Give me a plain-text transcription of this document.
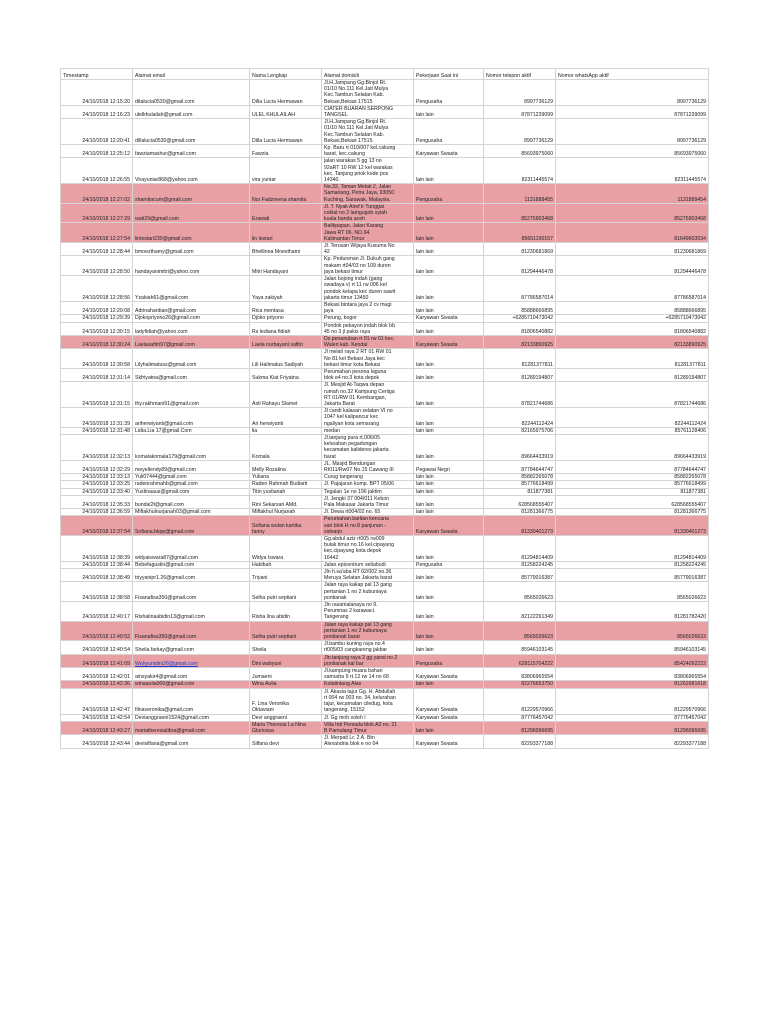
Timestamp	Alamat email	Nama Lengkap	Alamat domisili	Pekerjaan Saat ini	Nomor telepon aktif	Nomor whatsApp aktif
24/10/2018 12:15:20	ditalucia0530@gmail.com	Dilla Lucia Hermawan	Jl.H.Jampang Gg.Binjol Rt.
01/10 No.111 Kel.Jati Mulya
Kec.Tambun Selatan Kab.
Bekasi,Bekasi 17515	Pengusaha	8997736129	8997736129
24/10/2018 12:16:23	ulelkhulailah@gmail.com	ULEL KHULAILAH	CIATER BUARAN SERPONG
TANGSEL	lain lain	87871239099	87871239099
24/10/2018 12:20:41	dillalucia0530@gmail.com	Dilla Lucia Hermawan	Jl.H.Jampang Gg.Binjol Rt.
01/10 No.111 Kel.Jati Mulya
Kec.Tambun Selatan Kab.
Bekasi,Bekasi 17515	Pengusaha	8997736129	8997736129
24/10/2018 12:25:12	fawziamashur@gmail.com	Fawzia	Kp. Baru rt 010/007 kel.cakung
barat, kec.cakung	Karyawan Swasta	85693975060	85693975060
24/10/2018 12:26:55	Virayuniar868@yahoo.com	vira yuniar	jalan warakas 5 gg 13 no
92aRT 10 RW 12 kel warakas
kec. Tanjung priok kode pos
14340.	lain lain	82311445574	82311445574
24/10/2018 12:27:02	sharnilacum@gmail.com	Nur Fadzreena sharnila	No.32, Taman Melati 2, Jalan
Samariang, Petra Jaya, 93050
Kuching, Sarawak, Malaysia.	Pengusaha	1131889455	1131889454
24/10/2018 12:27:29	wati29@gmail.com	Erawati	Jl. T. Nyak Arief lr Tunggai
coklat no 2 lamgugob syiah
kuala banda aceh	lain lain	85275903468	85275903468
24/10/2018 12:27:54	linlestari230@gmail.com	lin lestari	Balikpapan, Jalan Karang
Jawa RT 06. NO.94
Kalimantan Timur	lain lain	85651190157	81649603034
24/10/2018 12:28:44	bmoezthamy@gmail.com	Bhellinna Moesthami	Jl. Terusan Wijaya Kusuma No
42	lain lain	81230681869	81230681869
24/10/2018 12:28:50	handayanimitri@yahoo.com	Mitri Handayani	Kp. Pedurenan Jl. Dukuh gang
makam rt04/03 no 109 duren
jaya bekasi timur	lain lain	81294446478	81294446478
24/10/2018 12:28:56	Yzakiah61@gmail.com	Yaya zakiyah	Jalan bojong indah (gang
swadaya v) rt 11 rw 006 kel
pondok kelapa kec duren sawit
jakarta timur 13450	lain lain	87786587014	87786587014
24/10/2018 12:29:08	Adrinahardian@gmail.com	Rica mentasa	Bekasi bintara jaya 2 cv mugi
jaya	lain lain	85888666895	85888666895
24/10/2018 12:29:39	Djokopriyono26@gmail.com	Djoko priyono	Perung, bogor	Karyawan Swasta	+6285710473042	+6285710473042
24/10/2018 12:30:15	ladyfidiah@yahoo.com	Rs lediana fidiah	Pondok pekayon indah blok bb
45 no 3 jl pakis raya	lain lain	81806540882	81806540882
24/10/2018 12:30:24	Laelasafitri97@gmail.com	Laela nurbayani safitri	Ds penanuban rt 01 rw 01 kec.
Waleri kab. Kendal	Karyawan Swasta	82133890925	82133890925
24/10/2018 12:30:58	Lilyhalimatuss@gmail.com	Lili Halimatus Sadiyah	Jl melati raya 2 RT 01 RW 01
No 81 kel Bekasi Jaya kec
bekasi timur kota Bekasi	lain lain	81281377811	81281377811
24/10/2018 12:31:14	Skfriyatna@gmail.com	Sukma Kiat Friyatna	Perumahan pesona laguna
blok e4 no.3 kota depok	lain lain	81289194807	81289194807
24/10/2018 12:31:15	thy.rakhmani91@gmail.com	Asti Rahayu Slamet	Jl. Mesjid At-Taqwa depan
rumah no.32 Kampung Ceriiga
RT 01/RW 01 Kembangan,
Jakarta Barat	lain lain	87821744686	87821744686
24/10/2018 12:31:39	ariherwiyanti@gmail.com	Ari herwiyanti	Jl candi kalasan selatan VI no
1047 kel kalipancur kec
ngaliyan kota semarang	lain lain	82244112424	82244112424
24/10/2018 12:31:48	Lidia.Lia 17@gmail.Com	lia	medan	lain lain	82165975706	85761128406
24/10/2018 12:32:13	komalakomala179@gmail.com	Komala	Jl.tanjung pura rt.006/05
kelurahan pegadungan
kecamatan kalideres jakarta
barat	lain lain	89664433919	89664433919
24/10/2018 12:32:29	meyellendy89@gmail.com	Melly Rozalina	JL. Masjid Bendungan
Rt011/Rw07 No.15 Cawang III	Pegawai Negri	87784644747	87784644747
24/10/2018 12:33:13	Yuli07444@gmail.com	Yuliana	Curug tangerang	lain lain	85882265078	85882265078
24/10/2018 12:33:25	radenrahmahb@gmail.com	Raden Rahmah Budiarti	Jl. Pajajaran komp. BPT 05/06	lain lain	85776618499	85776618499
24/10/2018 12:33:40	Yustinaaus@gmail.com	Titin yustianah	Tegalan 1e no 196 jaktim	lain lain	811877381	811877381
24/10/2018 12:35:33	bundal2t@gmail.com	Rini Sekarsari AMd.	Jl. Jengki 37 004/011 Kebon
Pala Makasar Jakarta Timur	lain lain	628568555407	628568555407
24/10/2018 12:36:59	Miftakhulnurjanah03@gmail.com	Miftakhul Nurjanah	Jl. Dewa rt004/02 no. 65	lain lain	81281366775	81281366775
24/10/2018 12:37:54	Sofiana.bkpp@gmail.com	Sofiana wulan kartika
fanny	Perumahan barlian kencana
sari blok H no.8 panjunan -
sidoarjo	Karyawan Swasta	81330401273	81330401273
24/10/2018 12:38:39	widyaiswara87@gmail.com	Widya Iswara	Gg.abdul aziz rt005 rw009
bulak timur no.16 kel.cipayung
kec.cipayung kota depok
16442	lain lain	81294814409	81294814409
24/10/2018 12:38:44	Bebefagustin@gmail.com	Habibah	Jalan epicentrum setiabudi	Pengusaha	81258224245	81258224245
24/10/2018 12:38:49	triyyanipr1.26@gmail.com	Triyani	Jln h.sa'aba RT 02/002 no.36
Meruya Selatan Jakarta barat	lain lain	85779016387	85779016387
24/10/2018 12:38:58	Fisanafisa350@gmail.com	Selha putri septiani	Jalan raya kakap pal 13 gang
pertanian 1 no 2 kubuniaya
pontianak	lain lain	8565026623	8565026623
24/10/2018 12:40:17	Rishalinaabidin13@gmail.com	Risha lina abidin	Jln rasamalanaya no 9.
Perumnas 2 karawaci.
Tangerang	lain lain	82122291349	81281782420
24/10/2018 12:40:52	Fisanafisa350@gmail.com	Selha putri septiani	Jalan raya kakap pal 13 gang
pertanian 1 no 2 kubuniaya
pontianak barat	lain lain	8565026623	8565026623
24/10/2018 12:40:54	Sheila.farkay@gmail.com	Sheila	Jl.bambu kuning raya no.4
rt005/03 cangkareng jakbar	lain lain	85946103145	85946103145
24/10/2018 12:41:09	Wahyunidini26@gmail.com	Dini wahyuni	Jln.tanjung raya 2 gg yansi no 2
pontianak kal bar	Pengusaha	628115704222	85424092222
24/10/2018 12:42:01	ainsyakir4@gmail.com	Jumaeni	Jl.kampung muara bahari
samudra 9 rt.12 rw 14 no 68	Karyawan Swasta	83806965554	83806965554
24/10/2018 12:42:36	winaaulia000@gmail.com	Wina Aulia	Kotalintang Alas	lain lain	82276653750	81262681618
24/10/2018 12:42:47	filnaveronika@gmail.com	F. Lina Veronika
Oktaviani	Jl. Akasia tajur Gg. H. Abdullah
rt 004 rw 003 no. 34, kelurahan
tajur, kecamatan ciledug, kota
tangerang, 15152	Karyawan Swasta	81229570966	81229570966
24/10/2018 12:42:54	Devianggraeni1524@gmail.com	Devi anggraeni	Jl. Gg moh soleh l	Karyawan Swasta	87776457042	87776457042
24/10/2018 12:43:27	mariatheresialibra@gmail.com	Maria Theresia La Nina
Gloriossa	Villa Inti Persada blok A3 no. 21
B Pamulang Timur	lain lain	81296096695	81296096695
24/10/2018 12:43:44	devisilfana@gmail.com	Silfana devi	Jl. Merpati Lr. 2 A. Btn
Alexandria blok e no 04	Karyawan Swasta	82293377188	82293377188
